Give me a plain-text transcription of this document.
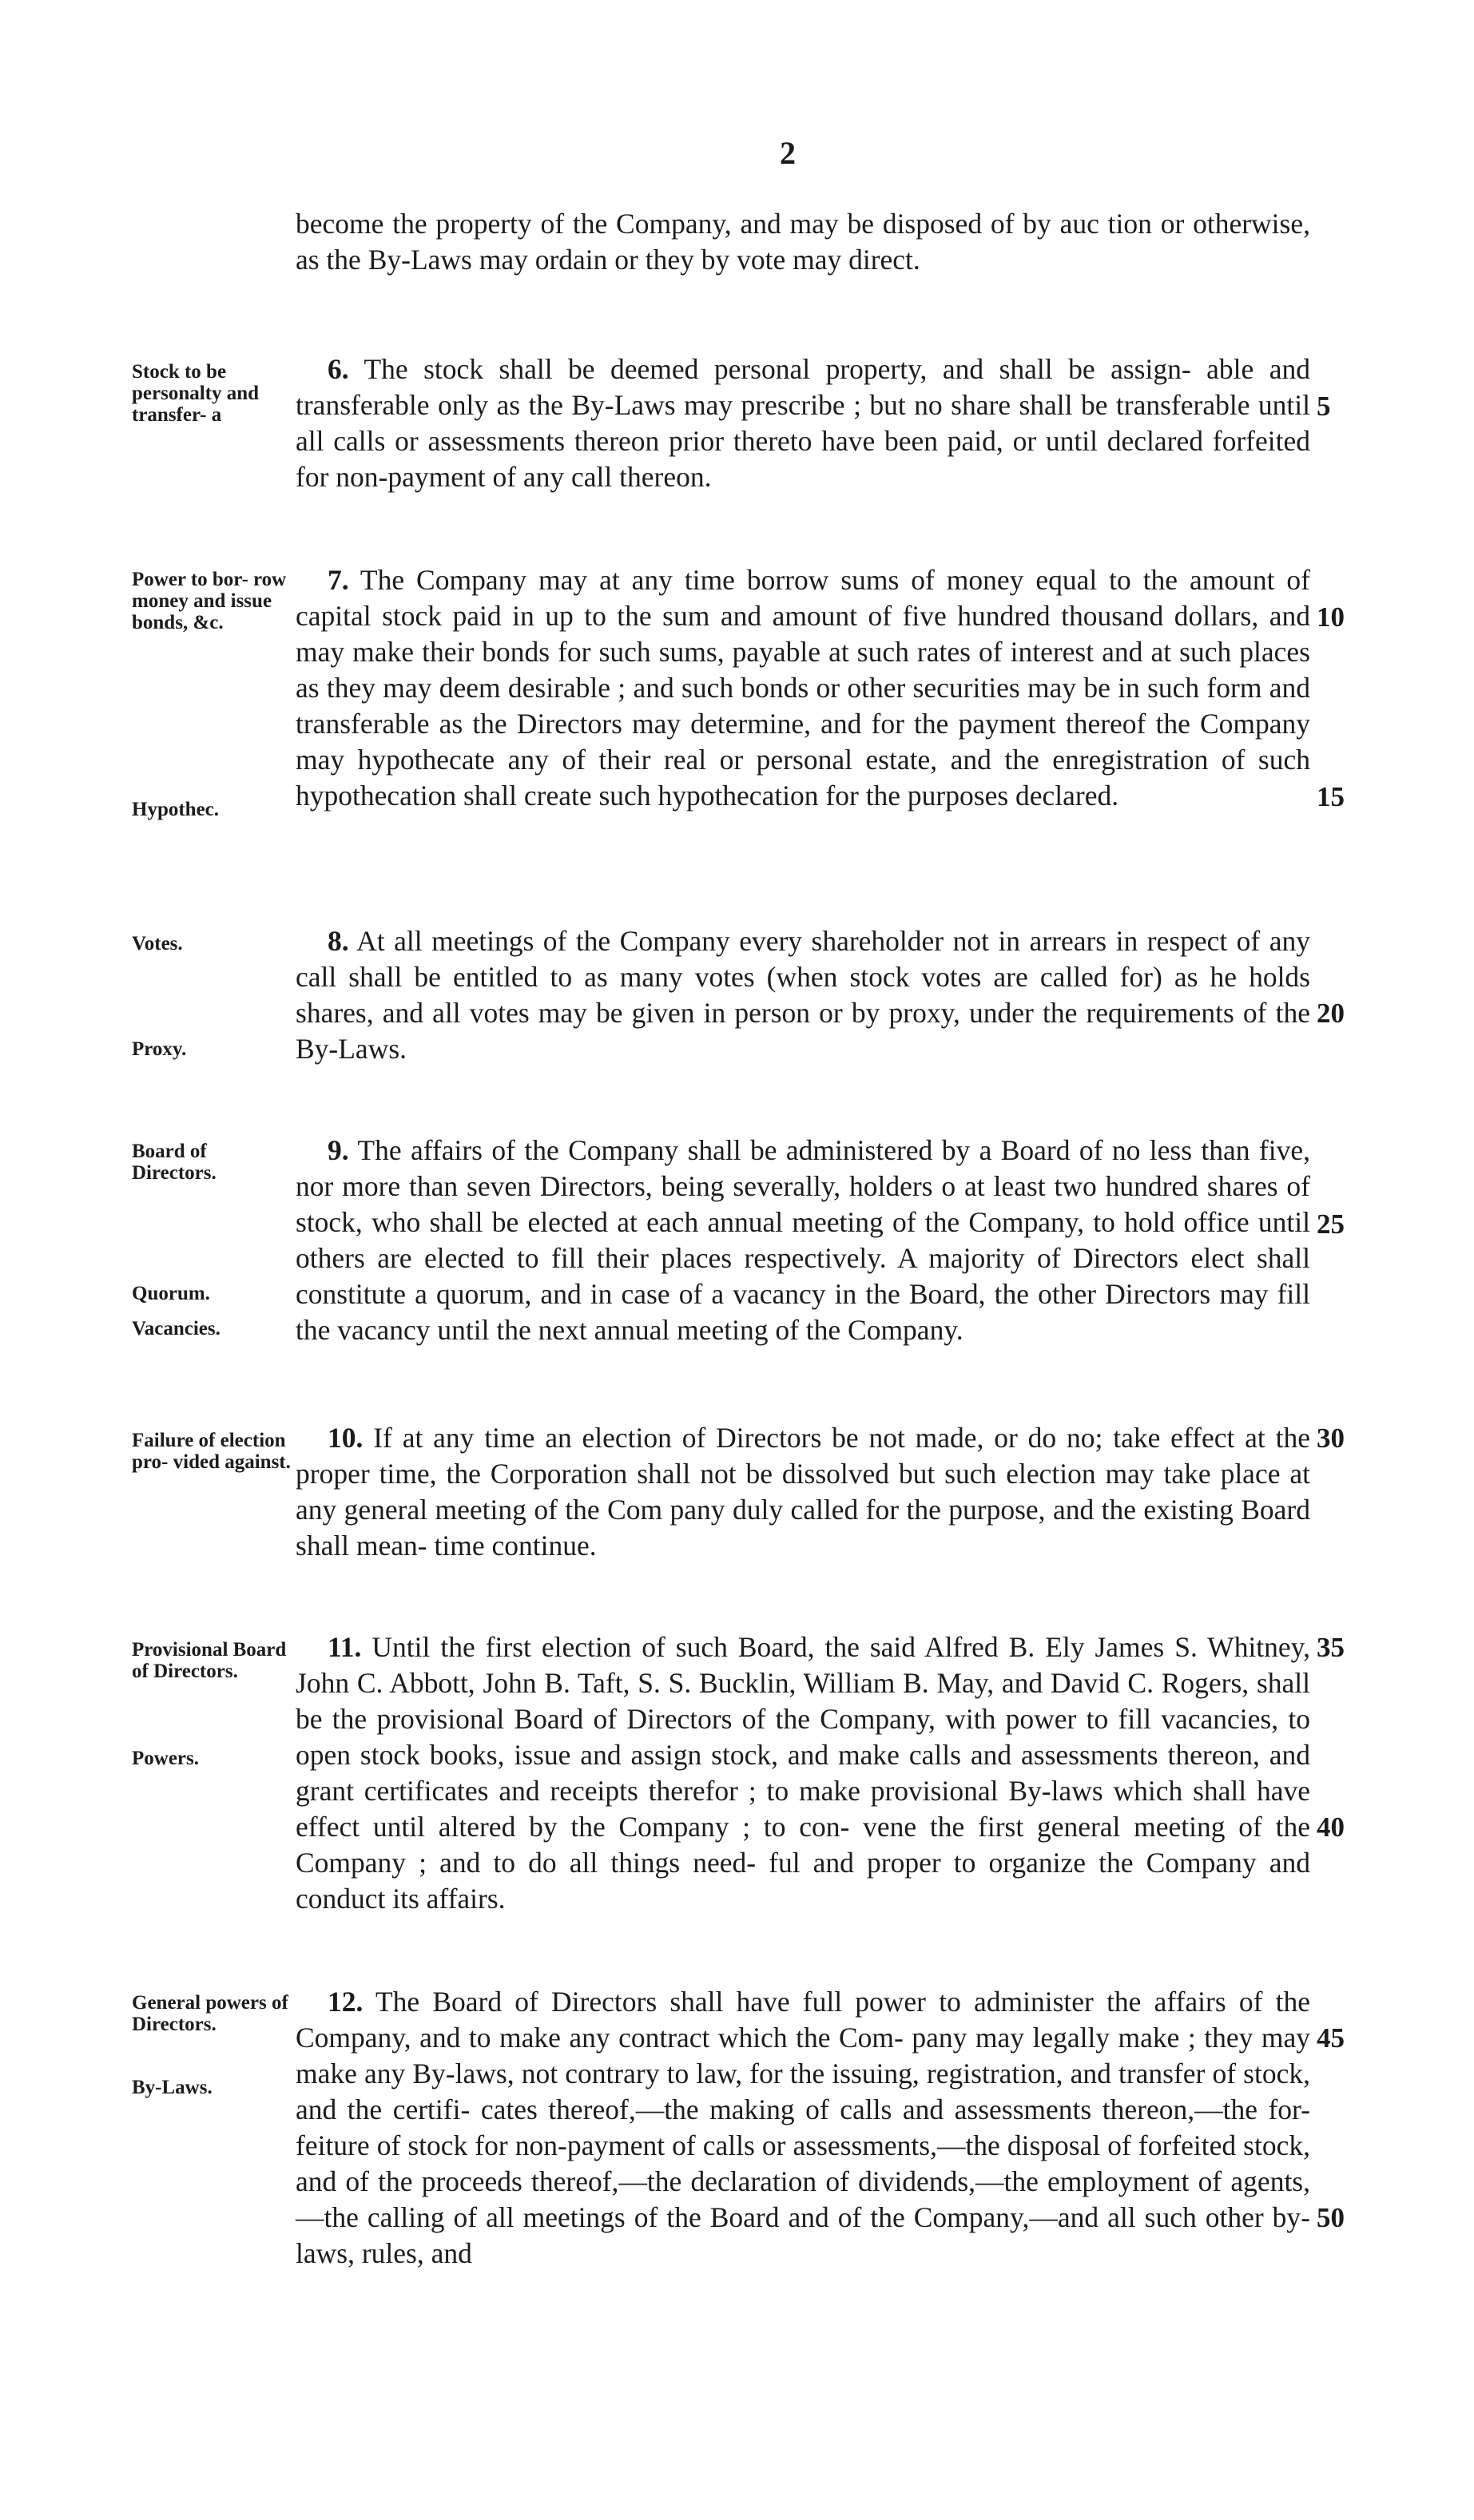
2
become the property of the Company, and may be disposed of by auc tion or otherwise, as the By-Laws may ordain or they by vote may direct.
Stock to be personalty and transfer- a

6. The stock shall be deemed personal property, and shall be assign- able and transferable only as the By-Laws may prescribe ; but no share shall be transferable until all calls or assessments thereon prior thereto have been paid, or until declared forfeited for non-payment of any call thereon.

Power to bor- row money and issue bonds, &c.
Hypothec.

7. The Company may at any time borrow sums of money equal to the amount of capital stock paid in up to the sum and amount of five hundred thousand dollars, and may make their bonds for such sums, payable at such rates of interest and at such places as they may deem desirable ; and such bonds or other securities may be in such form and transferable as the Directors may determine, and for the payment thereof the Company may hypothecate any of their real or personal estate, and the enregistration of such hypothecation shall create such hypothecation for the purposes declared.

Votes.
Proxy.

8. At all meetings of the Company every shareholder not in arrears in respect of any call shall be entitled to as many votes (when stock votes are called for) as he holds shares, and all votes may be given in person or by proxy, under the requirements of the By-Laws.

Board of Directors.
Quorum.
Vacancies.

9. The affairs of the Company shall be administered by a Board of no less than five, nor more than seven Directors, being severally, holders o at least two hundred shares of stock, who shall be elected at each annual meeting of the Company, to hold office until others are elected to fill their places respectively. A majority of Directors elect shall constitute a quorum, and in case of a vacancy in the Board, the other Directors may fill the vacancy until the next annual meeting of the Company.

Failure of election pro- vided against.

10. If at any time an election of Directors be not made, or do no; take effect at the proper time, the Corporation shall not be dissolved but such election may take place at any general meeting of the Com pany duly called for the purpose, and the existing Board shall mean- time continue.

Provisional Board of Directors.
Powers.

11. Until the first election of such Board, the said Alfred B. Ely James S. Whitney, John C. Abbott, John B. Taft, S. S. Bucklin, William B. May, and David C. Rogers, shall be the provisional Board of Directors of the Company, with power to fill vacancies, to open stock books, issue and assign stock, and make calls and assessments thereon, and grant certificates and receipts therefor ; to make provisional By-laws which shall have effect until altered by the Company ; to con- vene the first general meeting of the Company ; and to do all things need- ful and proper to organize the Company and conduct its affairs.

General powers of Directors.
By-Laws.

12. The Board of Directors shall have full power to administer the affairs of the Company, and to make any contract which the Com- pany may legally make ; they may make any By-laws, not contrary to law, for the issuing, registration, and transfer of stock, and the certifi- cates thereof,—the making of calls and assessments thereon,—the for- feiture of stock for non-payment of calls or assessments,—the disposal of forfeited stock, and of the proceeds thereof,—the declaration of dividends,—the employment of agents,—the calling of all meetings of the Board and of the Company,—and all such other by-laws, rules, and

5
10
15
20
25
30
35
40
45
50
